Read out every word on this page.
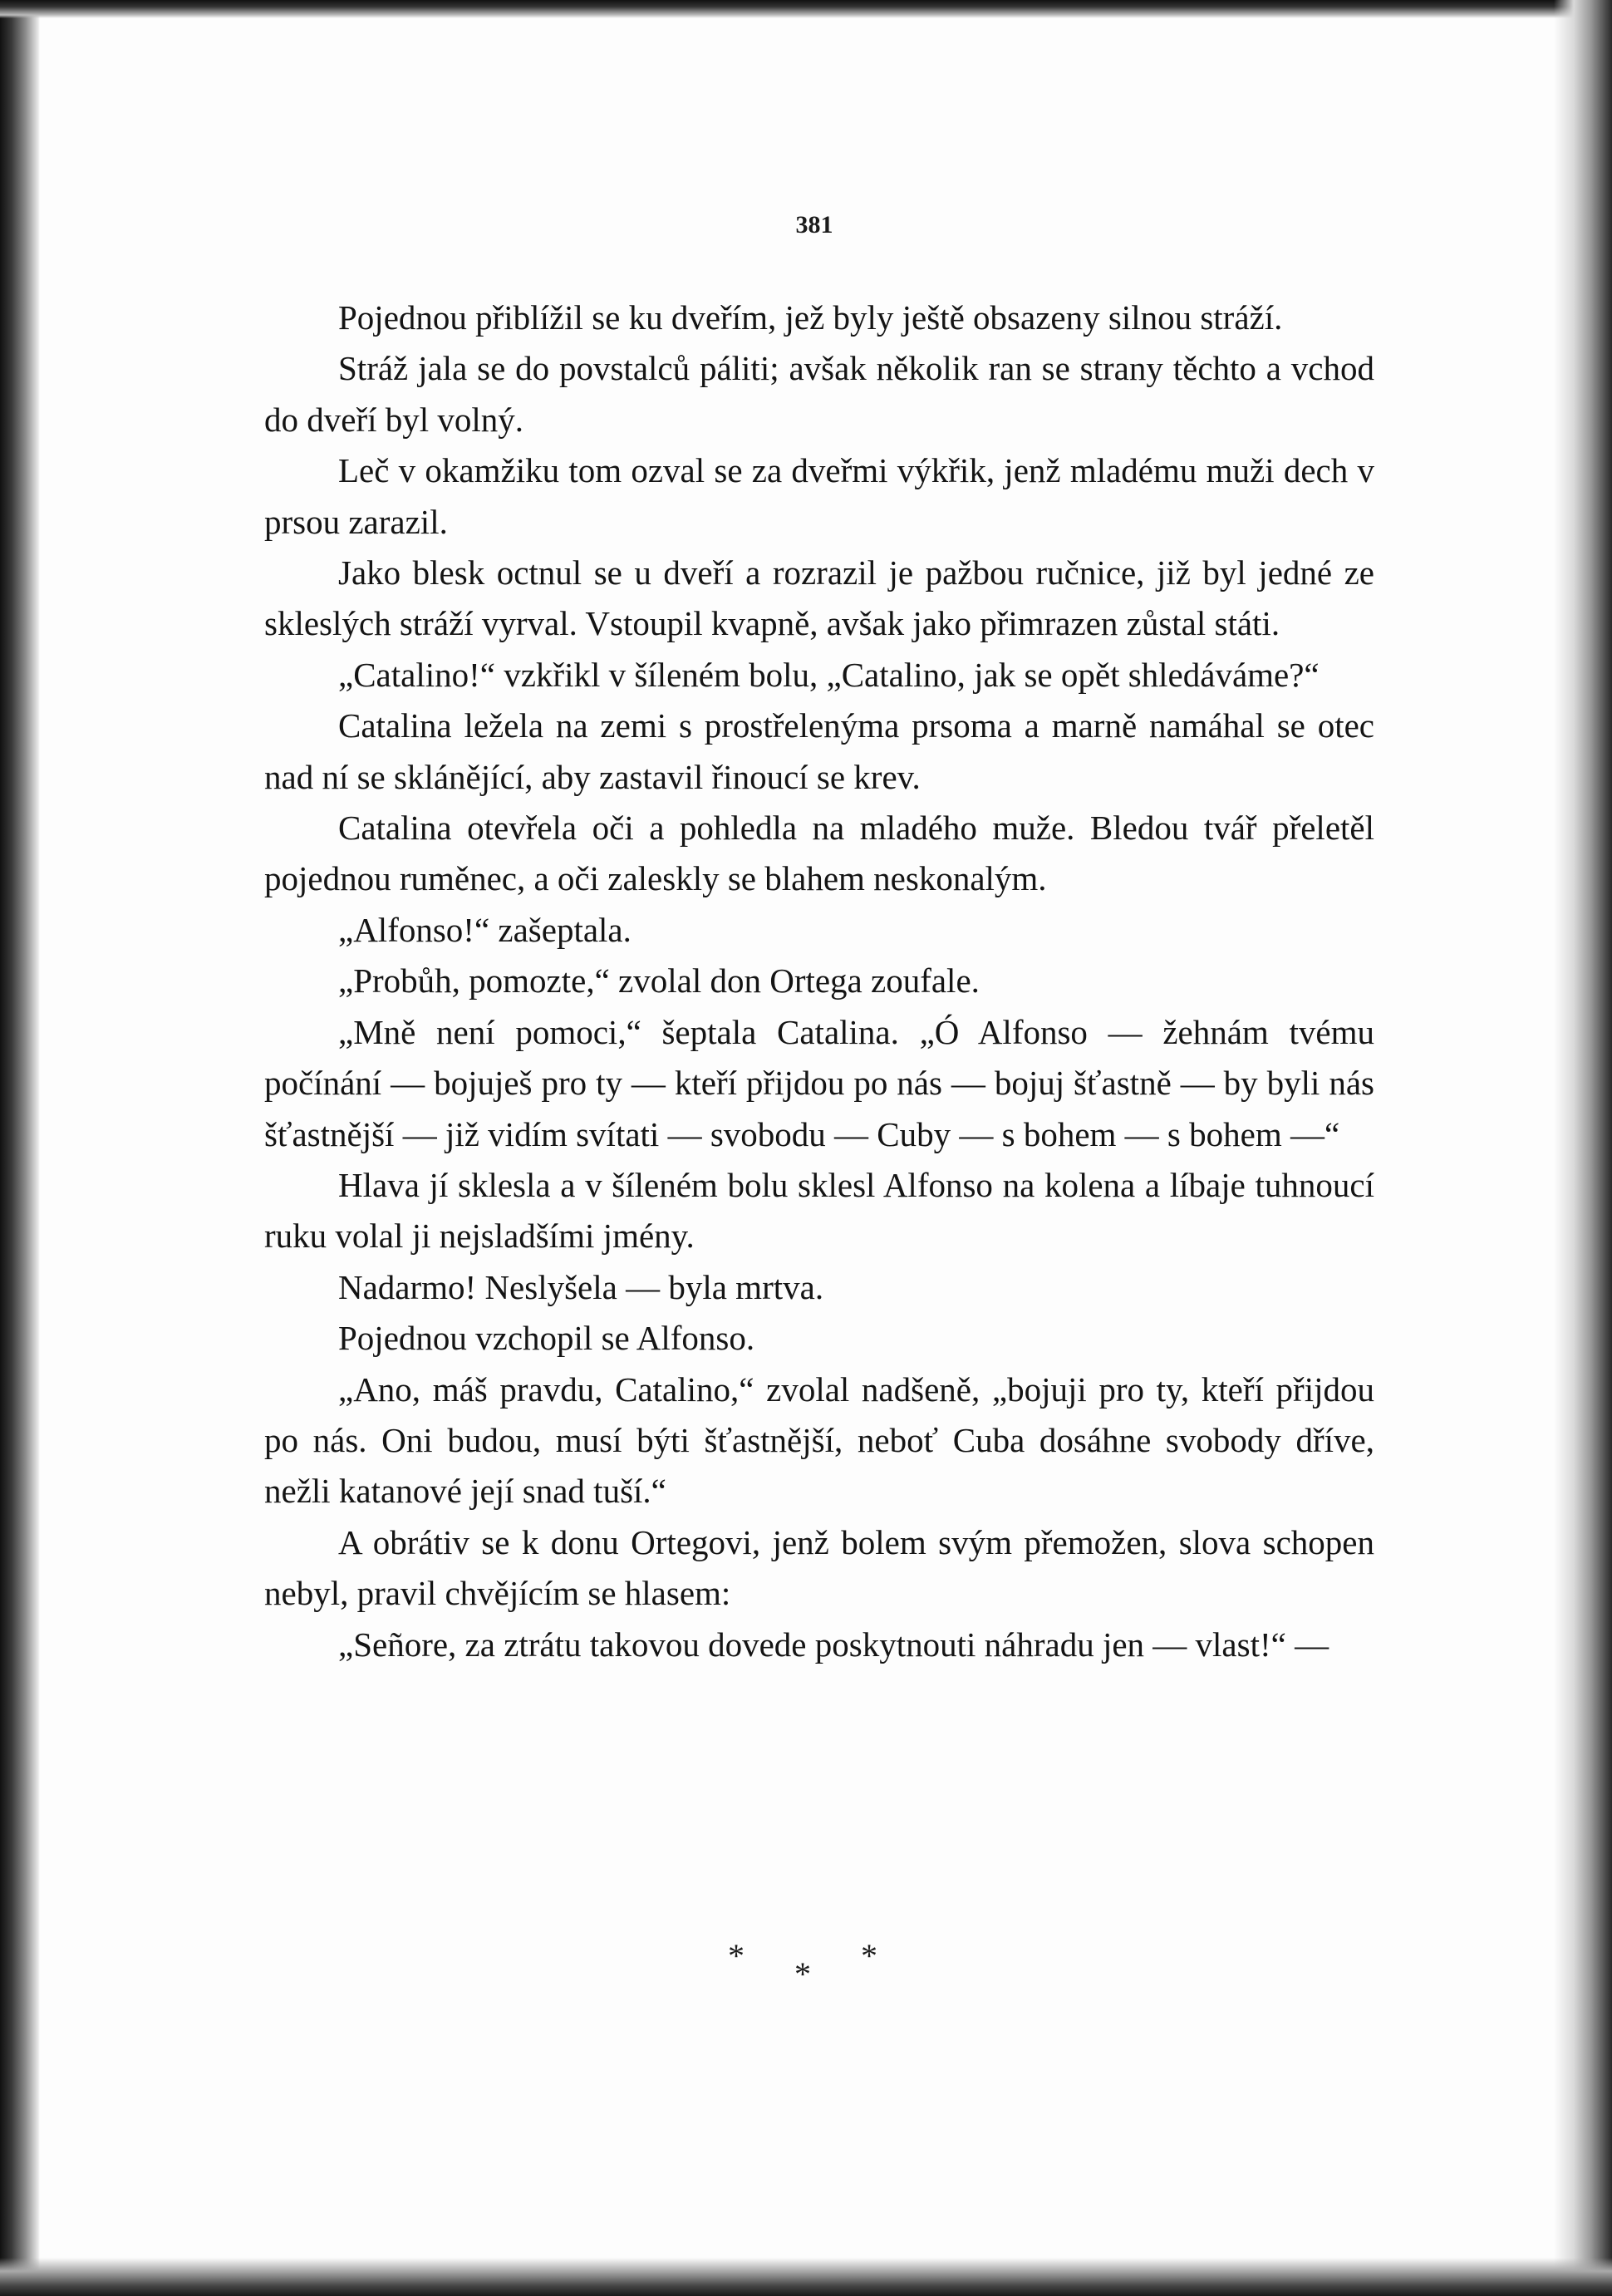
381

Pojednou přiblížil se ku dveřím, jež byly ještě obsazeny silnou stráží.

Stráž jala se do povstalců páliti; avšak několik ran se strany těchto a vchod do dveří byl volný.

Leč v okamžiku tom ozval se za dveřmi výkřik, jenž mladému muži dech v prsou zarazil.

Jako blesk octnul se u dveří a rozrazil je pažbou ručnice, již byl jedné ze skleslých stráží vyrval. Vstoupil kvapně, avšak jako přimrazen zůstal státi.

„Catalino!“ vzkřikl v šíleném bolu, „Catalino, jak se opět shledáváme?“

Catalina ležela na zemi s prostřelenýma prsoma a marně namáhal se otec nad ní se sklánějící, aby zastavil řinoucí se krev.

Catalina otevřela oči a pohledla na mladého muže. Bledou tvář přeletěl pojednou ruměnec, a oči zaleskly se blahem neskonalým.

„Alfonso!“ zašeptala.

„Probůh, pomozte,“ zvolal don Ortega zoufale.

„Mně není pomoci,“ šeptala Catalina. „Ó Alfonso — žehnám tvému počínání — bojuješ pro ty — kteří přijdou po nás — bojuj šťastně — by byli nás šťastnější — již vidím svítati — svobodu — Cuby — s bohem — s bohem —“

Hlava jí sklesla a v šíleném bolu sklesl Alfonso na kolena a líbaje tuhnoucí ruku volal ji nejsladšími jmény.

Nadarmo! Neslyšela — byla mrtva.

Pojednou vzchopil se Alfonso.

„Ano, máš pravdu, Catalino,“ zvolal nadšeně, „bojuji pro ty, kteří přijdou po nás. Oni budou, musí býti šťastnější, neboť Cuba dosáhne svobody dříve, nežli katanové její snad tuší.“

A obrátiv se k donu Ortegovi, jenž bolem svým přemožen, slova schopen nebyl, pravil chvějícím se hlasem:

„Señore, za ztrátu takovou dovede poskytnouti náhradu jen — vlast!“ —

* * *
